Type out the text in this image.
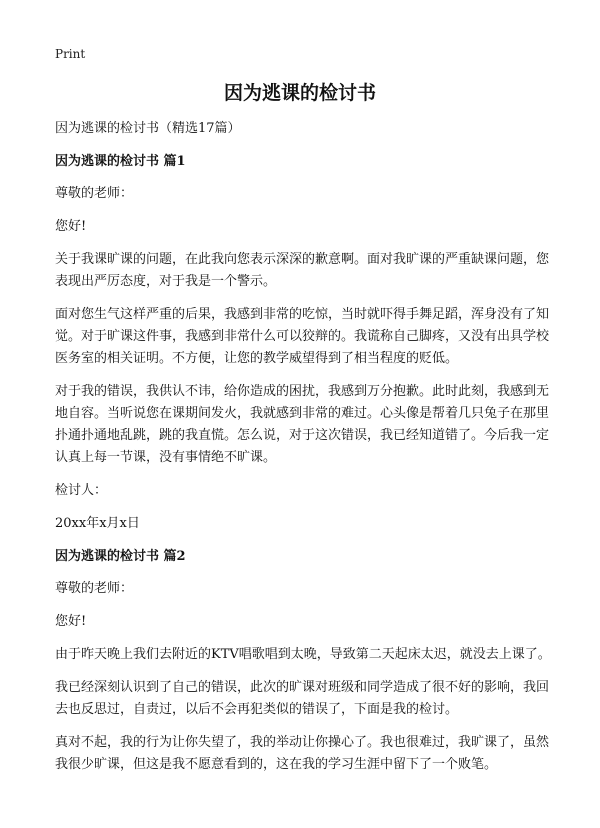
Print
因为逃课的检讨书

因为逃课的检讨书（精选17篇）

因为逃课的检讨书 篇1

尊敬的老师：

您好!

关于我课旷课的问题，在此我向您表示深深的歉意啊。面对我旷课的严重缺课问题，您表现出严厉态度，对于我是一个警示。

面对您生气这样严重的后果，我感到非常的吃惊，当时就吓得手舞足蹈，浑身没有了知觉。对于旷课这件事，我感到非常什么可以狡辩的。我谎称自己脚疼，又没有出具学校医务室的相关证明。不方便，让您的教学威望得到了相当程度的贬低。

对于我的错误，我供认不讳，给你造成的困扰，我感到万分抱歉。此时此刻，我感到无地自容。当听说您在课期间发火，我就感到非常的难过。心头像是帮着几只兔子在那里扑通扑通地乱跳，跳的我直慌。怎么说，对于这次错误，我已经知道错了。今后我一定认真上每一节课，没有事情绝不旷课。

检讨人：

20xx年x月x日

因为逃课的检讨书 篇2

尊敬的老师：

您好!

由于昨天晚上我们去附近的KTV唱歌唱到太晚，导致第二天起床太迟，就没去上课了。

我已经深刻认识到了自己的错误，此次的旷课对班级和同学造成了很不好的影响，我回去也反思过，自责过，以后不会再犯类似的错误了，下面是我的检讨。

真对不起，我的行为让你失望了，我的举动让你操心了。我也很难过，我旷课了，虽然我很少旷课，但这是我不愿意看到的，这在我的学习生涯中留下了一个败笔。
